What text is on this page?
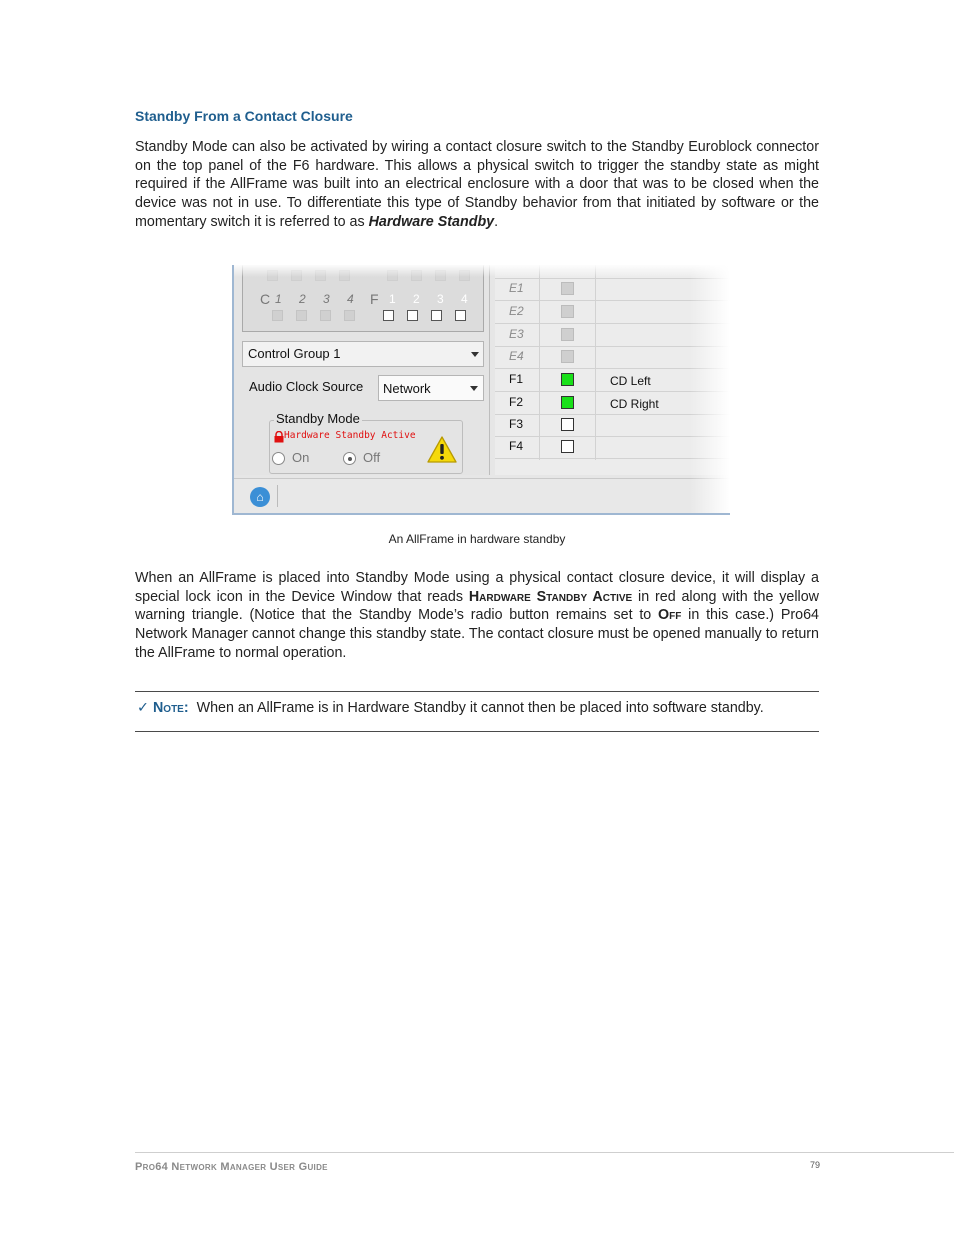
Standby From a Contact Closure
Standby Mode can also be activated by wiring a contact closure switch to the Standby Euroblock connector on the top panel of the F6 hardware. This allows a physical switch to trigger the standby state as might required if the AllFrame was built into an electrical enclosure with a door that was to be closed when the device was not in use. To differentiate this type of Standby behavior from that initiated by software or the momentary switch it is referred to as Hardware Standby.
C 1 2 3 4 F 1 2 3 4
Control Group 1
Audio Clock Source Network
Standby Mode
Hardware Standby Active
On	Off
E1
E2
E3
E4
F1	CD Left
F2	CD Right
F3
F4
⌂
An AllFrame in hardware standby
When an AllFrame is placed into Standby Mode using a physical contact closure device, it will display a special lock icon in the Device Window that reads Hardware Standby Active in red along with the yellow warning triangle. (Notice that the Standby Mode’s radio button remains set to Off in this case.) Pro64 Network Manager cannot change this standby state. The contact closure must be opened manually to return the AllFrame to normal operation.
✓ Note: When an AllFrame is in Hardware Standby it cannot then be placed into software standby.
Pro64 Network Manager User Guide	79
